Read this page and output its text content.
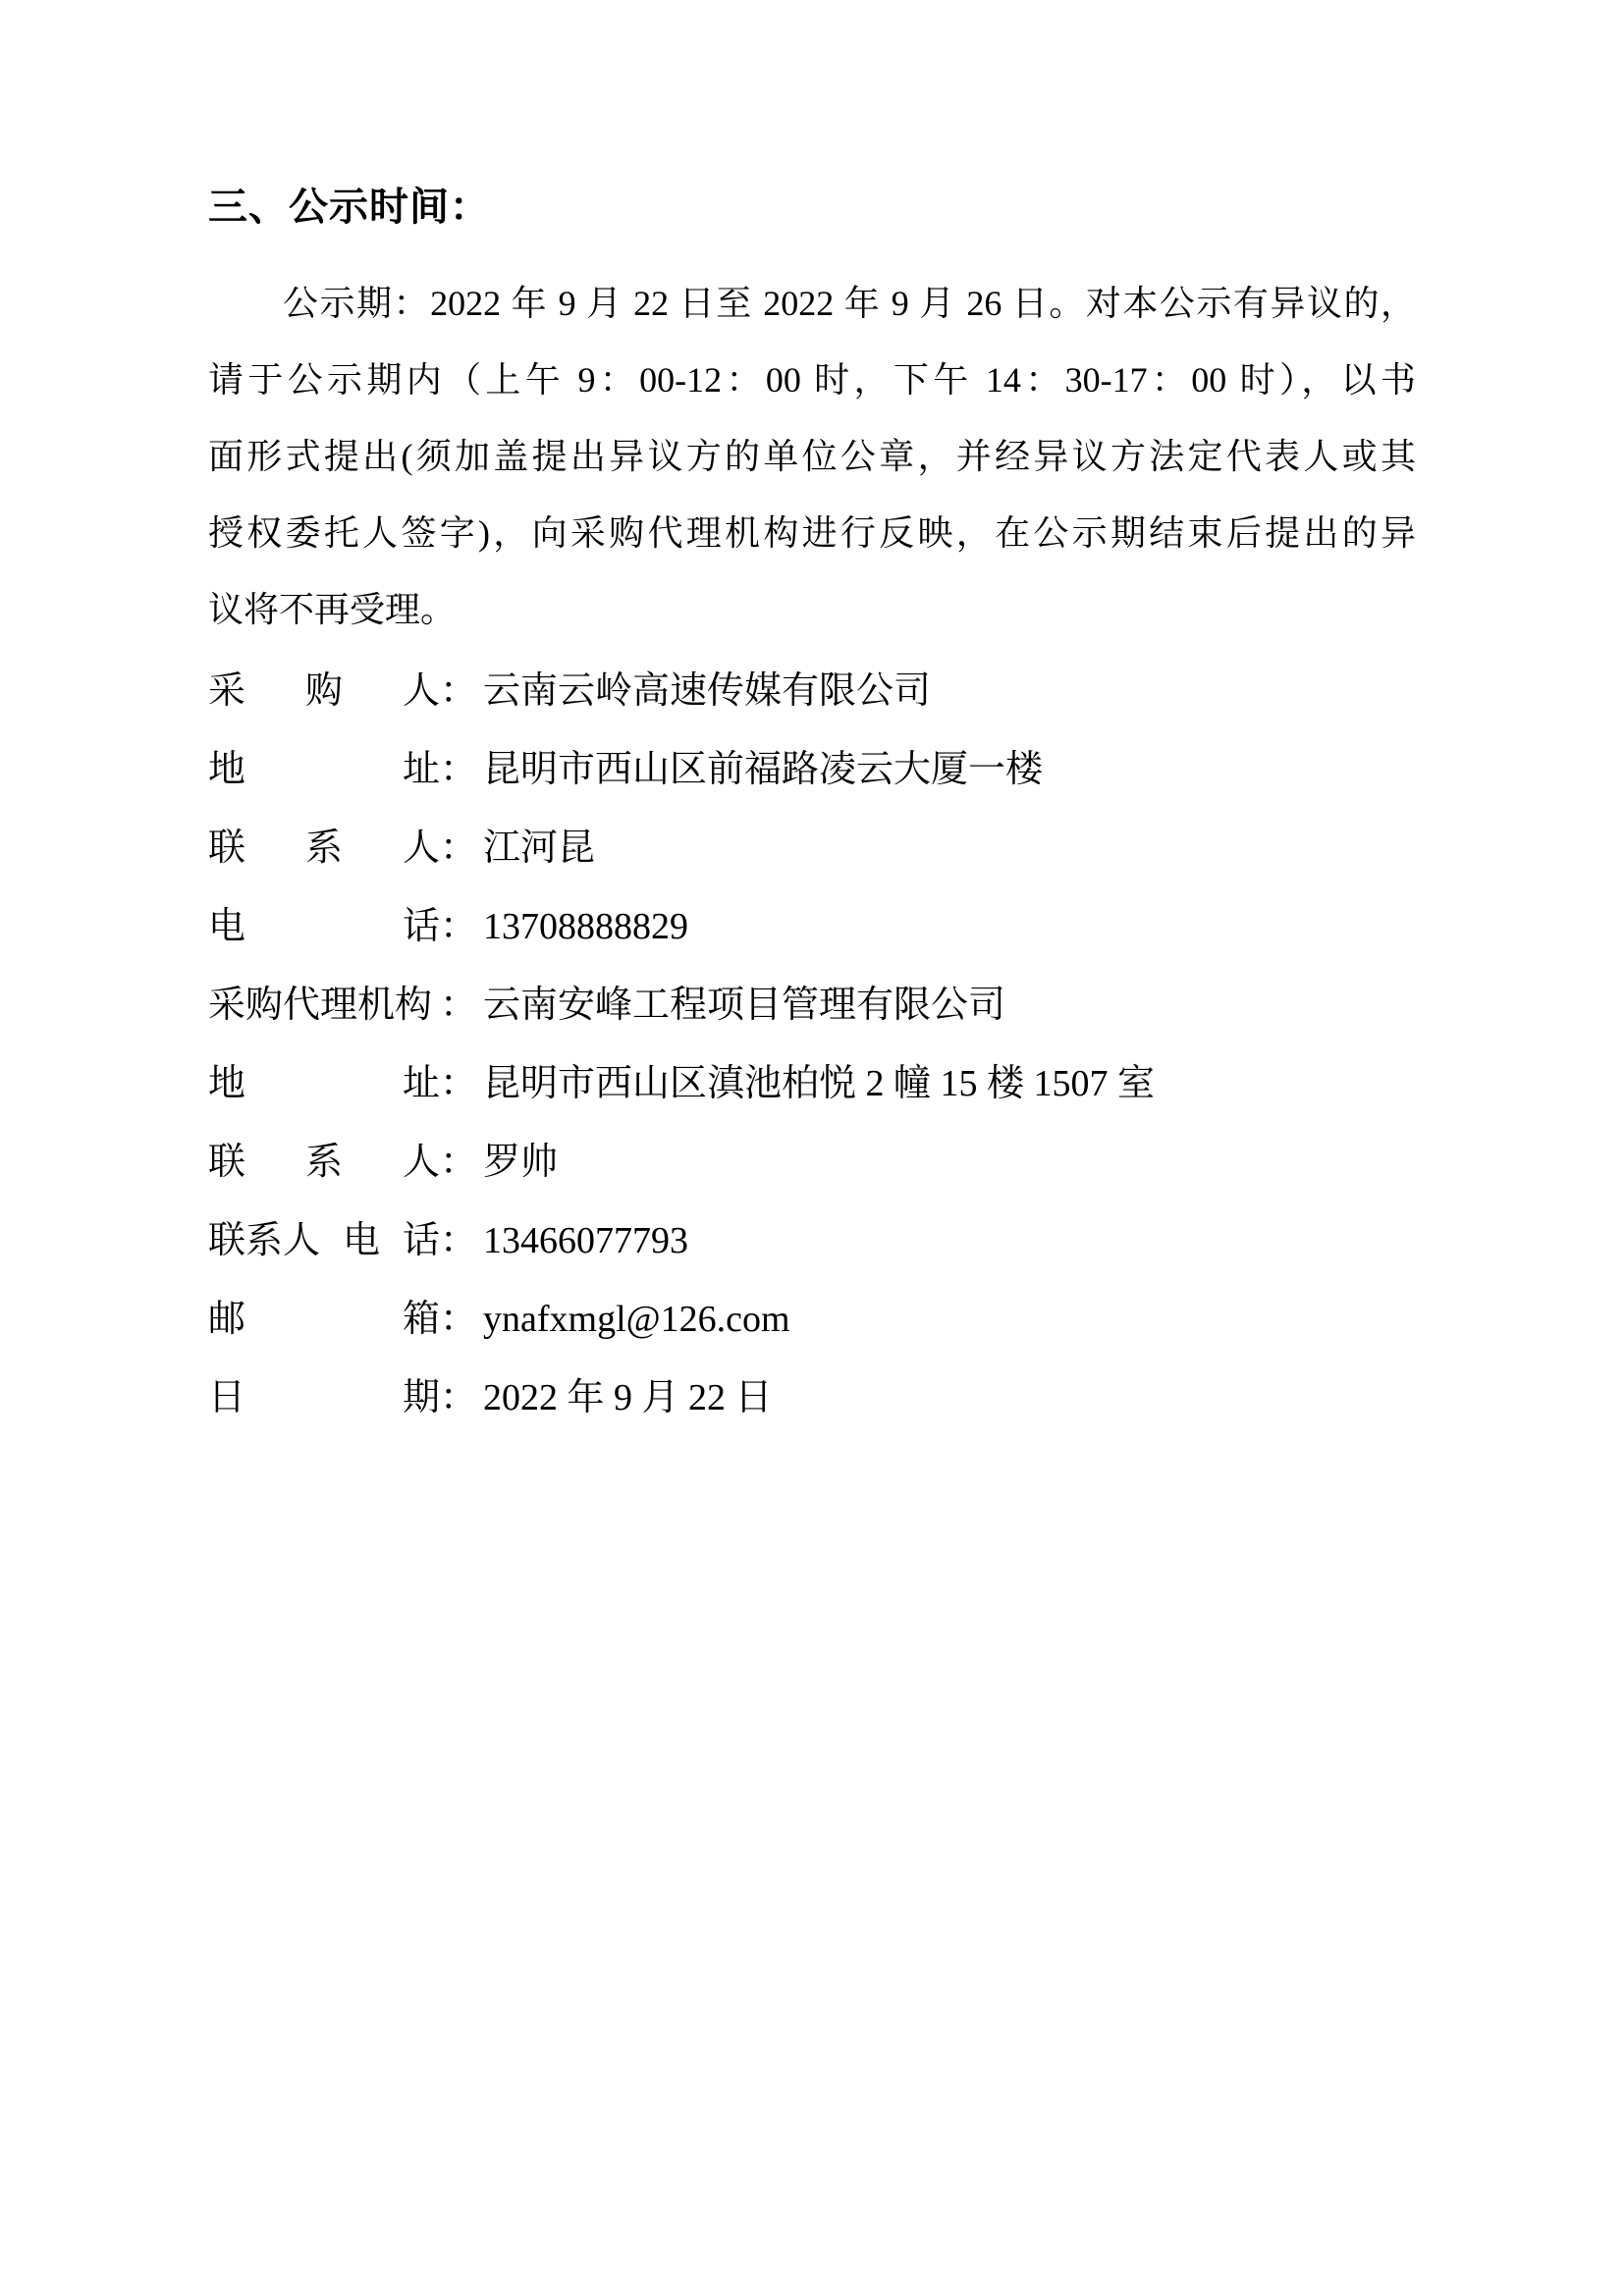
三、公示时间：
公示期：2022 年 9 月 22 日至 2022 年 9 月 26 日。对本公示有异议的，
请于公示期内（上午 9：00-12：00 时，下午 14：30-17：00 时），以书
面形式提出(须加盖提出异议方的单位公章，并经异议方法定代表人或其
授权委托人签字)，向采购代理机构进行反映，在公示期结束后提出的异
议将不再受理。
采 购 人 ： 云南云岭高速传媒有限公司
地	址 ： 昆明市西山区前福路凌云大厦一楼
联 系 人 ： 江河昆
电	话 ： 13708888829
采购代理机构 ： 云南安峰工程项目管理有限公司
地	址 ： 昆明市西山区滇池柏悦 2 幢 15 楼 1507 室
联 系 人 ： 罗帅
联系人 电 话 ： 13466077793
邮	箱 ： ynafxmgl@126.com
日	期 ： 2022 年 9 月 22 日
